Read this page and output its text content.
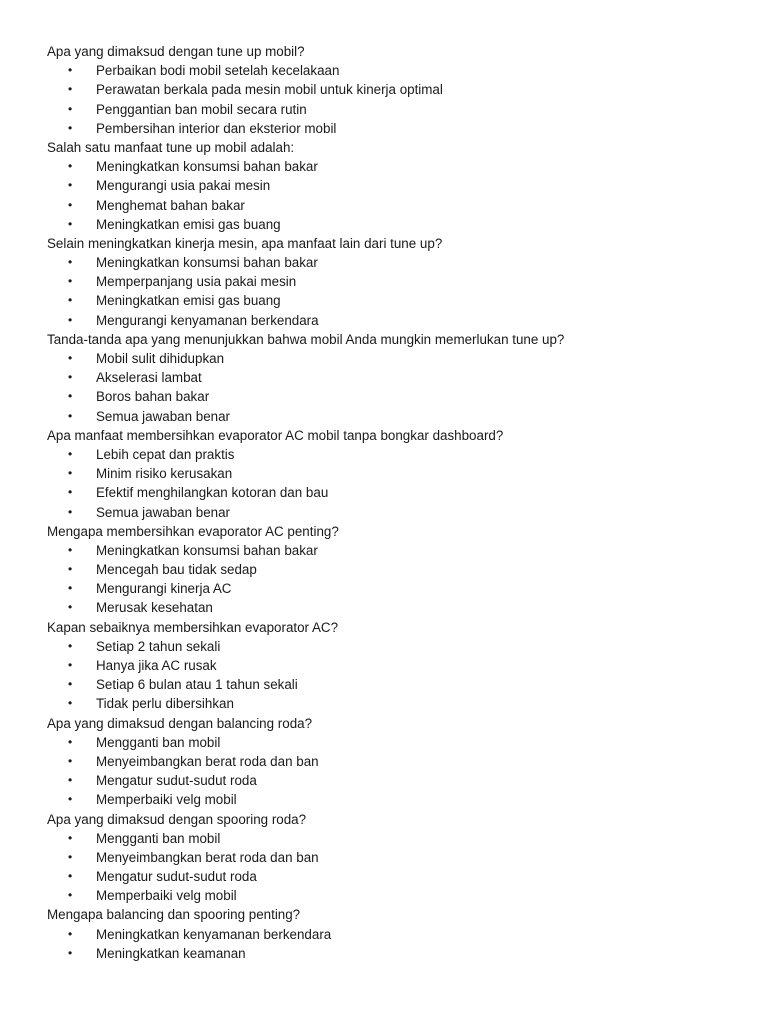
Apa yang dimaksud dengan tune up mobil?
• Perbaikan bodi mobil setelah kecelakaan
• Perawatan berkala pada mesin mobil untuk kinerja optimal
• Penggantian ban mobil secara rutin
• Pembersihan interior dan eksterior mobil
Salah satu manfaat tune up mobil adalah:
• Meningkatkan konsumsi bahan bakar
• Mengurangi usia pakai mesin
• Menghemat bahan bakar
• Meningkatkan emisi gas buang
Selain meningkatkan kinerja mesin, apa manfaat lain dari tune up?
• Meningkatkan konsumsi bahan bakar
• Memperpanjang usia pakai mesin
• Meningkatkan emisi gas buang
• Mengurangi kenyamanan berkendara
Tanda-tanda apa yang menunjukkan bahwa mobil Anda mungkin memerlukan tune up?
• Mobil sulit dihidupkan
• Akselerasi lambat
• Boros bahan bakar
• Semua jawaban benar
Apa manfaat membersihkan evaporator AC mobil tanpa bongkar dashboard?
• Lebih cepat dan praktis
• Minim risiko kerusakan
• Efektif menghilangkan kotoran dan bau
• Semua jawaban benar
Mengapa membersihkan evaporator AC penting?
• Meningkatkan konsumsi bahan bakar
• Mencegah bau tidak sedap
• Mengurangi kinerja AC
• Merusak kesehatan
Kapan sebaiknya membersihkan evaporator AC?
• Setiap 2 tahun sekali
• Hanya jika AC rusak
• Setiap 6 bulan atau 1 tahun sekali
• Tidak perlu dibersihkan
Apa yang dimaksud dengan balancing roda?
• Mengganti ban mobil
• Menyeimbangkan berat roda dan ban
• Mengatur sudut-sudut roda
• Memperbaiki velg mobil
Apa yang dimaksud dengan spooring roda?
• Mengganti ban mobil
• Menyeimbangkan berat roda dan ban
• Mengatur sudut-sudut roda
• Memperbaiki velg mobil
Mengapa balancing dan spooring penting?
• Meningkatkan kenyamanan berkendara
• Meningkatkan keamanan
